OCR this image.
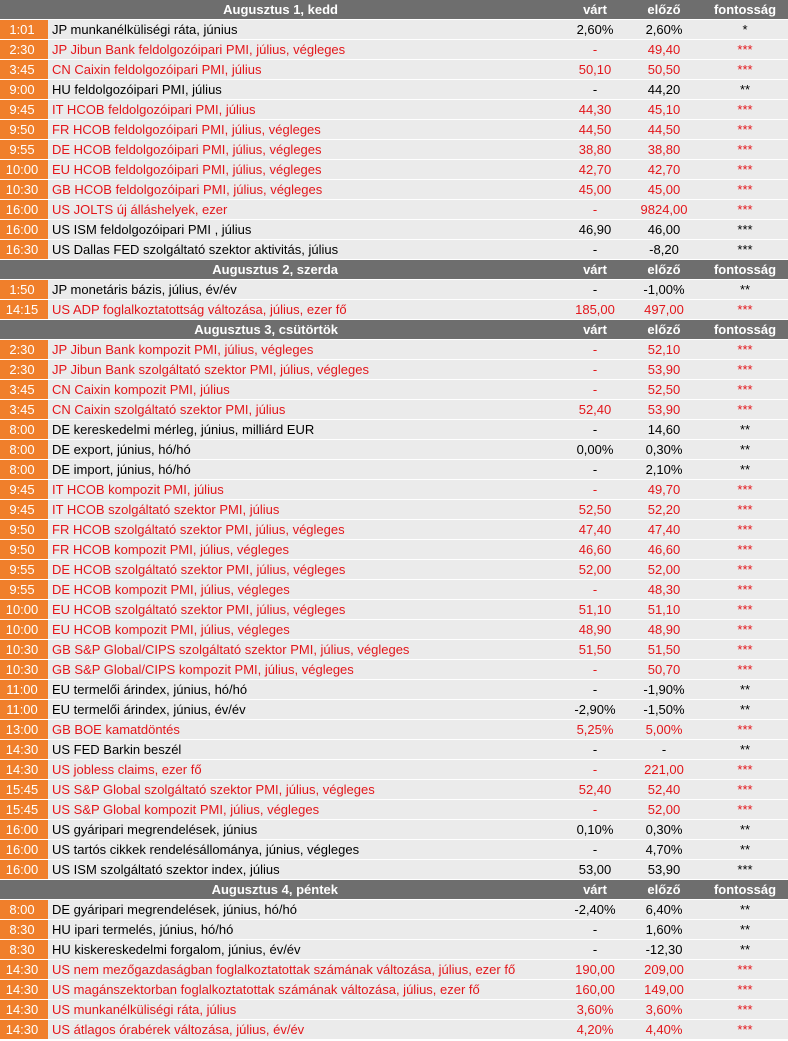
Augusztus 1, kedd	várt	előző	fontosság
1:01	JP munkanélküliségi ráta, június	2,60%	2,60%	*
2:30	JP Jibun Bank feldolgozóipari PMI, július, végleges	-	49,40	***
3:45	CN Caixin feldolgozóipari PMI, július	50,10	50,50	***
9:00	HU feldolgozóipari PMI, július	-	44,20	**
9:45	IT HCOB feldolgozóipari PMI, július	44,30	45,10	***
9:50	FR HCOB feldolgozóipari PMI, július, végleges	44,50	44,50	***
9:55	DE HCOB feldolgozóipari PMI, július, végleges	38,80	38,80	***
10:00	EU HCOB feldolgozóipari PMI, július, végleges	42,70	42,70	***
10:30	GB HCOB feldolgozóipari PMI, július, végleges	45,00	45,00	***
16:00	US JOLTS új álláshelyek, ezer	-	9824,00	***
16:00	US ISM feldolgozóipari PMI , július	46,90	46,00	***
16:30	US Dallas FED szolgáltató szektor aktivitás, július	-	-8,20	***
Augusztus 2, szerda	várt	előző	fontosság
1:50	JP monetáris bázis, július, év/év	-	-1,00%	**
14:15	US ADP foglalkoztatottság változása, július, ezer fő	185,00	497,00	***
Augusztus 3, csütörtök	várt	előző	fontosság
2:30	JP Jibun Bank kompozit PMI, július, végleges	-	52,10	***
2:30	JP Jibun Bank szolgáltató szektor PMI, július, végleges	-	53,90	***
3:45	CN Caixin kompozit PMI, július	-	52,50	***
3:45	CN Caixin szolgáltató szektor PMI, július	52,40	53,90	***
8:00	DE kereskedelmi mérleg, június, milliárd EUR	-	14,60	**
8:00	DE export, június, hó/hó	0,00%	0,30%	**
8:00	DE import, június, hó/hó	-	2,10%	**
9:45	IT HCOB kompozit PMI, július	-	49,70	***
9:45	IT HCOB szolgáltató szektor PMI, július	52,50	52,20	***
9:50	FR HCOB szolgáltató szektor PMI, július, végleges	47,40	47,40	***
9:50	FR HCOB kompozit PMI, július, végleges	46,60	46,60	***
9:55	DE HCOB szolgáltató szektor PMI, július, végleges	52,00	52,00	***
9:55	DE HCOB kompozit PMI, július, végleges	-	48,30	***
10:00	EU HCOB szolgáltató szektor PMI, július, végleges	51,10	51,10	***
10:00	EU HCOB kompozit PMI, július, végleges	48,90	48,90	***
10:30	GB S&P Global/CIPS szolgáltató szektor PMI, július, végleges	51,50	51,50	***
10:30	GB S&P Global/CIPS kompozit PMI, július, végleges	-	50,70	***
11:00	EU termelői árindex, június, hó/hó	-	-1,90%	**
11:00	EU termelői árindex, június, év/év	-2,90%	-1,50%	**
13:00	GB BOE kamatdöntés	5,25%	5,00%	***
14:30	US FED Barkin beszél	-	-	**
14:30	US jobless claims, ezer fő	-	221,00	***
15:45	US S&P Global szolgáltató szektor PMI, július, végleges	52,40	52,40	***
15:45	US S&P Global kompozit PMI, július, végleges	-	52,00	***
16:00	US gyáripari megrendelések, június	0,10%	0,30%	**
16:00	US tartós cikkek rendelésállománya, június, végleges	-	4,70%	**
16:00	US ISM szolgáltató szektor index, július	53,00	53,90	***
Augusztus 4, péntek	várt	előző	fontosság
8:00	DE gyáripari megrendelések, június, hó/hó	-2,40%	6,40%	**
8:30	HU ipari termelés, június, hó/hó	-	1,60%	**
8:30	HU kiskereskedelmi forgalom, június, év/év	-	-12,30	**
14:30	US nem mezőgazdaságban foglalkoztatottak számának változása, július, ezer fő	190,00	209,00	***
14:30	US magánszektorban foglalkoztatottak számának változása, július, ezer fő	160,00	149,00	***
14:30	US munkanélküliségi ráta, július	3,60%	3,60%	***
14:30	US átlagos órabérek változása, július, év/év	4,20%	4,40%	***
